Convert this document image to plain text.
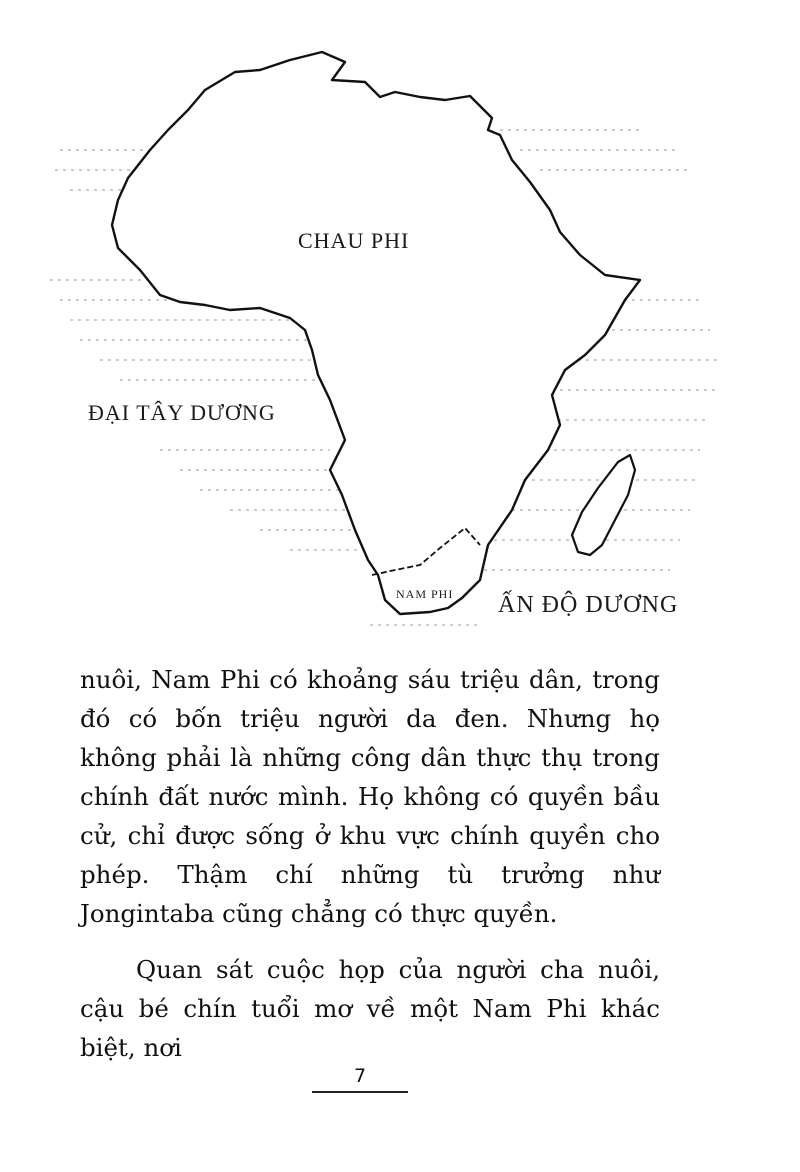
CHAU PHI
ĐẠI TÂY DƯƠNG
NAM PHI ẤN ĐỘ DƯƠNG

nuôi, Nam Phi có khoảng sáu triệu dân, trong đó có bốn triệu người da đen. Nhưng họ không phải là những công dân thực thụ trong chính đất nước mình. Họ không có quyền bầu cử, chỉ được sống ở khu vực chính quyền cho phép. Thậm chí những tù trưởng như Jongintaba cũng chẳng có thực quyền.

Quan sát cuộc họp của người cha nuôi, cậu bé chín tuổi mơ về một Nam Phi khác biệt, nơi

7
